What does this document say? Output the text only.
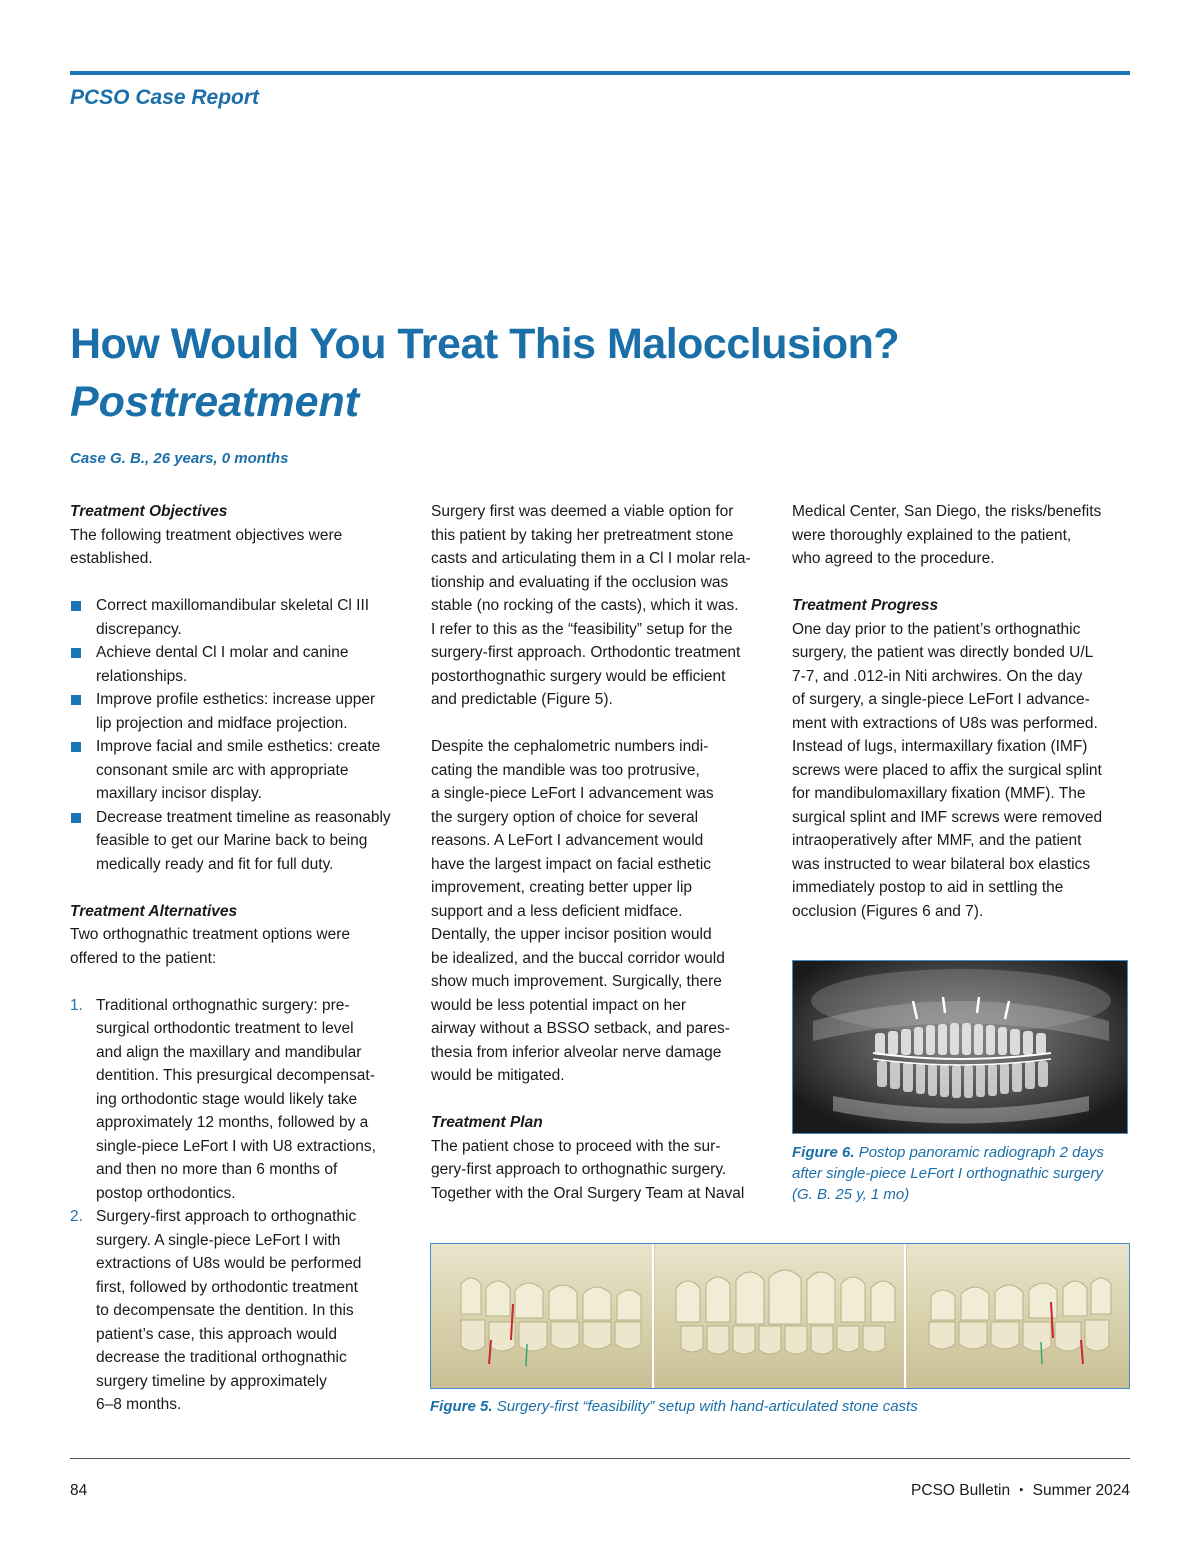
PCSO Case Report
How Would You Treat This Malocclusion?
Posttreatment
Case G. B., 26 years, 0 months

Treatment Objectives

The following treatment objectives were
established.
Correct maxillomandibular skeletal Cl III
discrepancy.
Achieve dental Cl I molar and canine
relationships.
Improve profile esthetics: increase upper
lip projection and midface projection.
Improve facial and smile esthetics: create
consonant smile arc with appropriate
maxillary incisor display.
Decrease treatment timeline as reasonably
feasible to get our Marine back to being
medically ready and fit for full duty.

Treatment Alternatives

Two orthognathic treatment options were
offered to the patient:
1. Traditional orthognathic surgery: pre-
surgical orthodontic treatment to level
and align the maxillary and mandibular
dentition. This presurgical decompensat-
ing orthodontic stage would likely take
approximately 12 months, followed by a
single-piece LeFort I with U8 extractions,
and then no more than 6 months of
postop orthodontics.
2. Surgery-first approach to orthognathic
surgery. A single-piece LeFort I with
extractions of U8s would be performed
first, followed by orthodontic treatment
to decompensate the dentition. In this
patient’s case, this approach would
decrease the traditional orthognathic
surgery timeline by approximately
6–8 months.
Surgery first was deemed a viable option for
this patient by taking her pretreatment stone
casts and articulating them in a Cl I molar rela-
tionship and evaluating if the occlusion was
stable (no rocking of the casts), which it was.
I refer to this as the “feasibility” setup for the
surgery-first approach. Orthodontic treatment
postorthognathic surgery would be efficient
and predictable (Figure 5).
Despite the cephalometric numbers indi-
cating the mandible was too protrusive,
a single-piece LeFort I advancement was
the surgery option of choice for several
reasons. A LeFort I advancement would
have the largest impact on facial esthetic
improvement, creating better upper lip
support and a less deficient midface.
Dentally, the upper incisor position would
be idealized, and the buccal corridor would
show much improvement. Surgically, there
would be less potential impact on her
airway without a BSSO setback, and pares-
thesia from inferior alveolar nerve damage
would be mitigated.

Treatment Plan

The patient chose to proceed with the sur-
gery-first approach to orthognathic surgery.
Together with the Oral Surgery Team at Naval
Medical Center, San Diego, the risks/benefits
were thoroughly explained to the patient,
who agreed to the procedure.

Treatment Progress

One day prior to the patient’s orthognathic
surgery, the patient was directly bonded U/L
7-7, and .012-in Niti archwires. On the day
of surgery, a single-piece LeFort I advance-
ment with extractions of U8s was performed.
Instead of lugs, intermaxillary fixation (IMF)
screws were placed to affix the surgical splint
for mandibulomaxillary fixation (MMF). The
surgical splint and IMF screws were removed
intraoperatively after MMF, and the patient
was instructed to wear bilateral box elastics
immediately postop to aid in settling the
occlusion (Figures 6 and 7).
Figure 6. Postop panoramic radiograph 2 days
after single-piece LeFort I orthognathic surgery
(G. B. 25 y, 1 mo)
Figure 5. Surgery-first “feasibility” setup with hand-articulated stone casts
84	PCSO Bulletin ▪ Summer 2024
